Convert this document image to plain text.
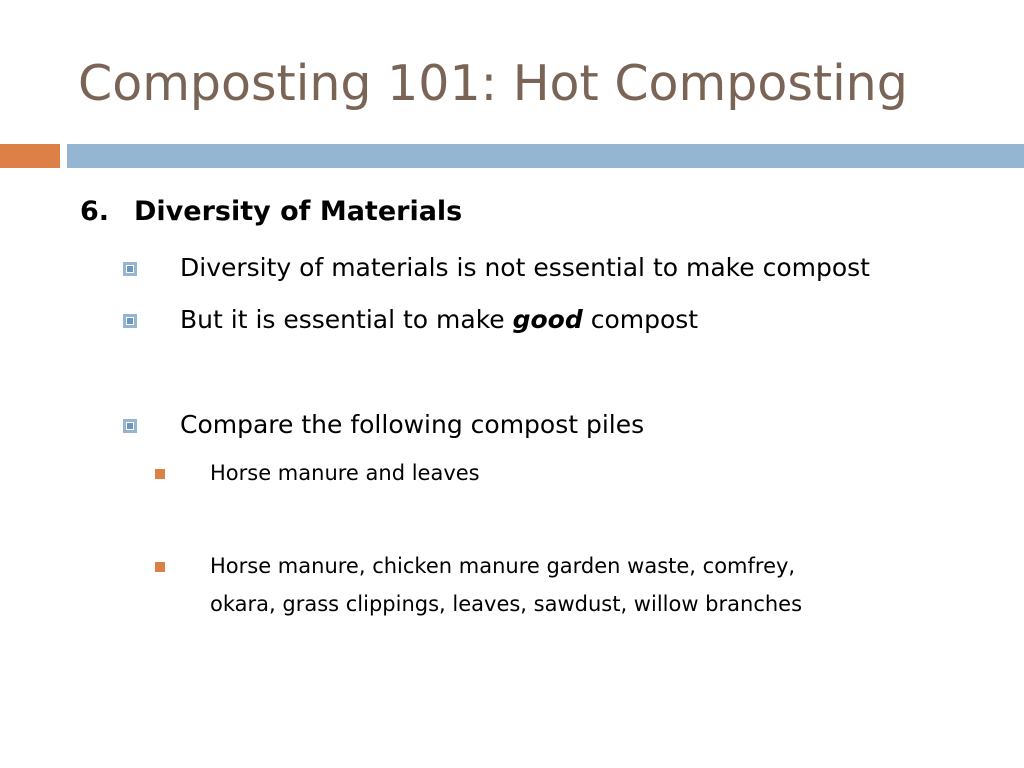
Composting 101: Hot Composting
6. Diversity of Materials
Diversity of materials is not essential to make compost
But it is essential to make good compost
Compare the following compost piles
Horse manure and leaves
Horse manure, chicken manure garden waste, comfrey,
okara, grass clippings, leaves, sawdust, willow branches
